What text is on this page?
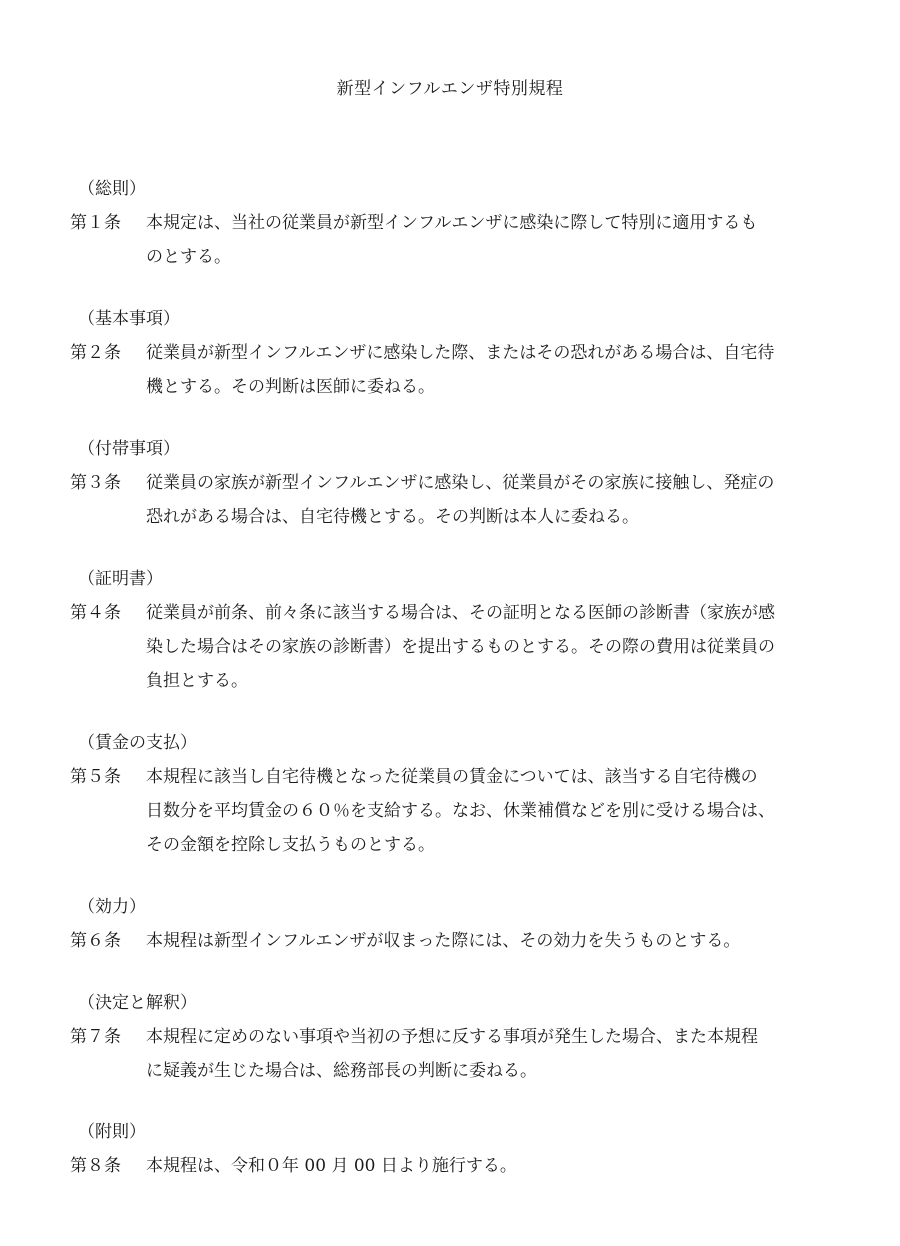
新型インフルエンザ特別規程
（総則）
第１条 本規定は、当社の従業員が新型インフルエンザに感染に際して特別に適用するも
のとする。
（基本事項）
第２条 従業員が新型インフルエンザに感染した際、またはその恐れがある場合は、自宅待
機とする。その判断は医師に委ねる。
（付帯事項）
第３条 従業員の家族が新型インフルエンザに感染し、従業員がその家族に接触し、発症の
恐れがある場合は、自宅待機とする。その判断は本人に委ねる。
（証明書）
第４条 従業員が前条、前々条に該当する場合は、その証明となる医師の診断書（家族が感
染した場合はその家族の診断書）を提出するものとする。その際の費用は従業員の
負担とする。
（賃金の支払）
第５条 本規程に該当し自宅待機となった従業員の賃金については、該当する自宅待機の
日数分を平均賃金の６０％を支給する。なお、休業補償などを別に受ける場合は、
その金額を控除し支払うものとする。
（効力）
第６条 本規程は新型インフルエンザが収まった際には、その効力を失うものとする。
（決定と解釈）
第７条 本規程に定めのない事項や当初の予想に反する事項が発生した場合、また本規程
に疑義が生じた場合は、総務部長の判断に委ねる。
（附則）
第８条 本規程は、令和０年 00 月 00 日より施行する。
